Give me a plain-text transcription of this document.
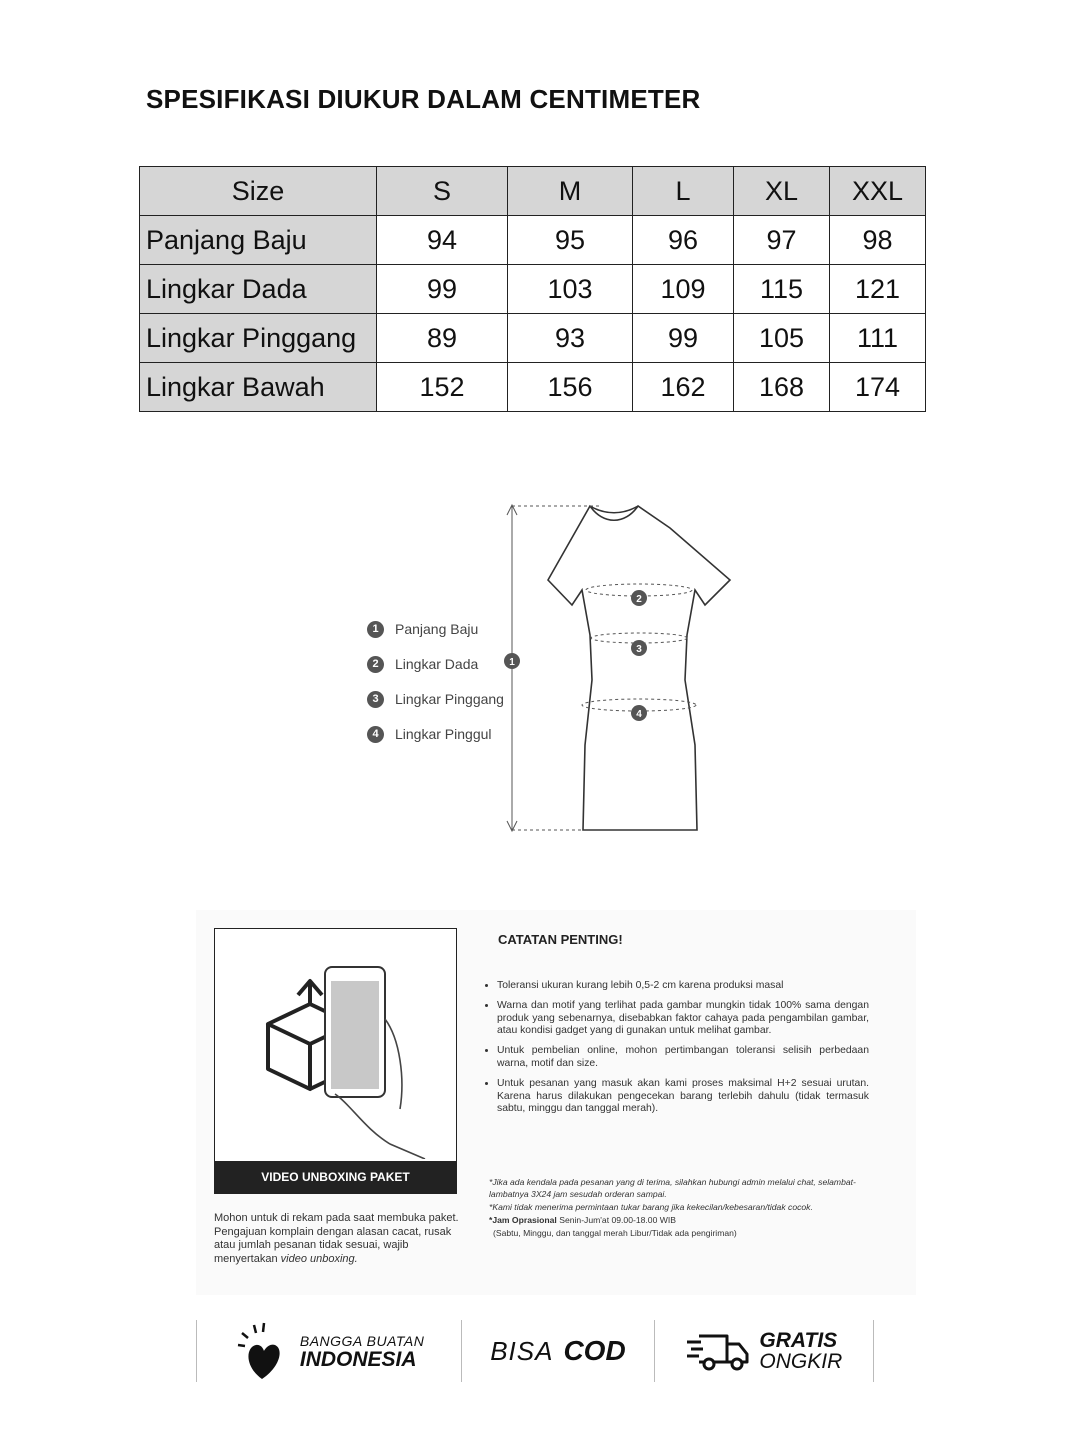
SPESIFIKASI DIUKUR DALAM CENTIMETER
Size	S	M	L	XL	XXL
Panjang Baju	94	95	96	97	98
Lingkar Dada	99	103	109	115	121
Lingkar Pinggang	89	93	99	105	111
Lingkar Bawah	152	156	162	168	174
1	Panjang Baju
2	Lingkar Dada
3	Lingkar Pinggang
4	Lingkar Pinggul
1
2
3
4
VIDEO UNBOXING PAKET
Mohon untuk di rekam pada saat membuka paket. Pengajuan komplain dengan alasan cacat, rusak atau jumlah pesanan tidak sesuai, wajib menyertakan video unboxing.
CATATAN PENTING!
• Toleransi ukuran kurang lebih 0,5-2 cm karena produksi masal
• Warna dan motif yang terlihat pada gambar mungkin tidak 100% sama dengan produk yang sebenarnya, disebabkan faktor cahaya pada pengambilan gambar, atau kondisi gadget yang di gunakan untuk melihat gambar.
• Untuk pembelian online, mohon pertimbangan toleransi selisih perbedaan warna, motif dan size.
• Untuk pesanan yang masuk akan kami proses maksimal H+2 sesuai urutan. Karena harus dilakukan pengecekan barang terlebih dahulu (tidak termasuk sabtu, minggu dan tanggal merah).
*Jika ada kendala pada pesanan yang di terima, silahkan hubungi admin melalui chat, selambat-lambatnya 3X24 jam sesudah orderan sampai.
*Kami tidak menerima permintaan tukar barang jika kekecilan/kebesaran/tidak cocok.
*Jam Oprasional Senin-Jum'at 09.00-18.00 WIB
(Sabtu, Minggu, dan tanggal merah Libur/Tidak ada pengiriman)
BANGGA BUATAN
INDONESIA	BISA COD	GRATIS
ONGKIR
